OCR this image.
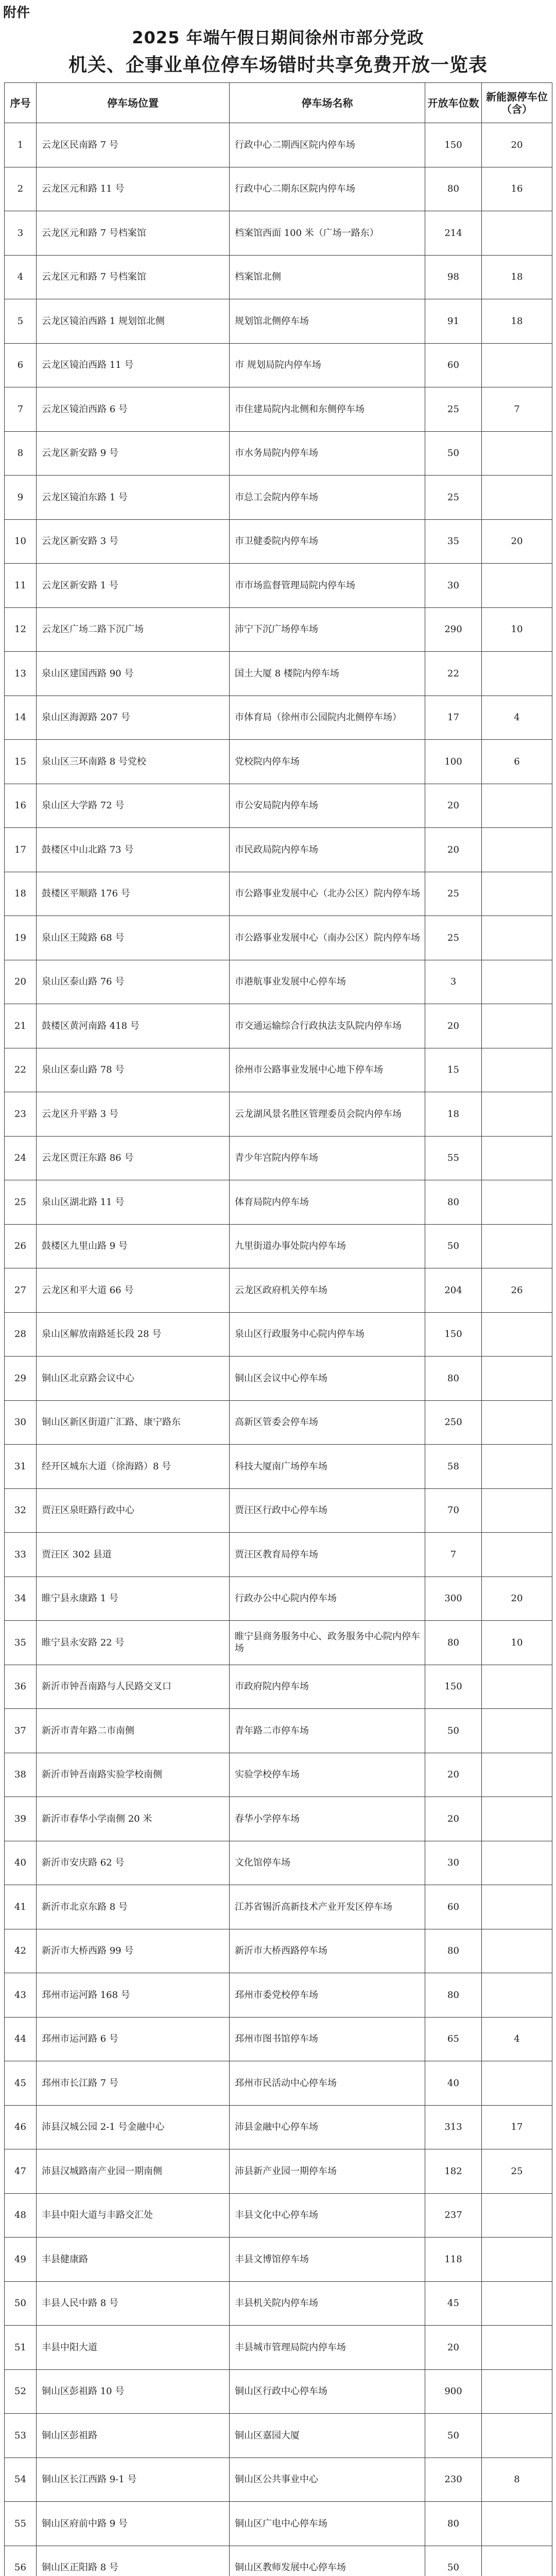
附件
2025 年端午假日期间徐州市部分党政
机关、企事业单位停车场错时共享免费开放一览表
序号	停车场位置	停车场名称	开放车位数	新能源停车位（含）
1	云龙区民南路 7 号	行政中心二期西区院内停车场	150	20
2	云龙区元和路 11 号	行政中心二期东区院内停车场	80	16
3	云龙区元和路 7 号档案馆	档案馆西面 100 米（广场一路东）	214	
4	云龙区元和路 7 号档案馆	档案馆北侧	98	18
5	云龙区镜泊西路 1 规划馆北侧	规划馆北侧停车场	91	18
6	云龙区镜泊西路 11 号	市 规划局院内停车场	60	
7	云龙区镜泊西路 6 号	市住建局院内北侧和东侧停车场	25	7
8	云龙区新安路 9 号	市水务局院内停车场	50	
9	云龙区镜泊东路 1 号	市总工会院内停车场	25	
10	云龙区新安路 3 号	市卫健委院内停车场	35	20
11	云龙区新安路 1 号	市市场监督管理局院内停车场	30	
12	云龙区广场二路下沉广场	沛宁下沉广场停车场	290	10
13	泉山区建国西路 90 号	国土大厦 8 楼院内停车场	22	
14	泉山区海源路 207 号	市体育局（徐州市公园院内北侧停车场）	17	4
15	泉山区三环南路 8 号党校	党校院内停车场	100	6
16	泉山区大学路 72 号	市公安局院内停车场	20	
17	鼓楼区中山北路 73 号	市民政局院内停车场	20	
18	鼓楼区平顺路 176 号	市公路事业发展中心（北办公区）院内停车场	25	
19	泉山区王陵路 68 号	市公路事业发展中心（南办公区）院内停车场	25	
20	泉山区泰山路 76 号	市港航事业发展中心停车场	3	
21	鼓楼区黄河南路 418 号	市交通运输综合行政执法支队院内停车场	20	
22	泉山区泰山路 78 号	徐州市公路事业发展中心地下停车场	15	
23	云龙区升平路 3 号	云龙湖风景名胜区管理委员会院内停车场	18	
24	云龙区贾汪东路 86 号	青少年宫院内停车场	55	
25	泉山区湖北路 11 号	体育局院内停车场	80	
26	鼓楼区九里山路 9 号	九里街道办事处院内停车场	50	
27	云龙区和平大道 66 号	云龙区政府机关停车场	204	26
28	泉山区解放南路延长段 28 号	泉山区行政服务中心院内停车场	150	
29	铜山区北京路会议中心	铜山区会议中心停车场	80	
30	铜山区新区街道广汇路、康宁路东	高新区管委会停车场	250	
31	经开区城东大道（徐海路）8 号	科技大厦南广场停车场	58	
32	贾汪区泉旺路行政中心	贾汪区行政中心停车场	70	
33	贾汪区 302 县道	贾汪区教育局停车场	7	
34	睢宁县永康路 1 号	行政办公中心院内停车场	300	20
35	睢宁县永安路 22 号	睢宁县商务服务中心、政务服务中心院内停车场	80	10
36	新沂市钟吾南路与人民路交叉口	市政府院内停车场	150	
37	新沂市青年路二市南侧	青年路二市停车场	50	
38	新沂市钟吾南路实验学校南侧	实验学校停车场	20	
39	新沂市春华小学南侧 20 米	春华小学停车场	20	
40	新沂市安庆路 62 号	文化馆停车场	30	
41	新沂市北京东路 8 号	江苏省锡沂高新技术产业开发区停车场	60	
42	新沂市大桥西路 99 号	新沂市大桥西路停车场	80	
43	邳州市运河路 168 号	邳州市委党校停车场	80	
44	邳州市运河路 6 号	邳州市图书馆停车场	65	4
45	邳州市长江路 7 号	邳州市民活动中心停车场	40	
46	沛县汉城公园 2-1 号金融中心	沛县金融中心停车场	313	17
47	沛县汉城路南产业园一期南侧	沛县新产业园一期停车场	182	25
48	丰县中阳大道与丰路交汇处	丰县文化中心停车场	237	
49	丰县健康路	丰县文博馆停车场	118	
50	丰县人民中路 8 号	丰县机关院内停车场	45	
51	丰县中阳大道	丰县城市管理局院内停车场	20	
52	铜山区彭祖路 10 号	铜山区行政中心停车场	900	
53	铜山区彭祖路	铜山区嘉园大厦	50	
54	铜山区长江西路 9-1 号	铜山区公共事业中心	230	8
55	铜山区府前中路 9 号	铜山区广电中心停车场	80	
56	铜山区正阳路 8 号	铜山区教师发展中心停车场	50	
